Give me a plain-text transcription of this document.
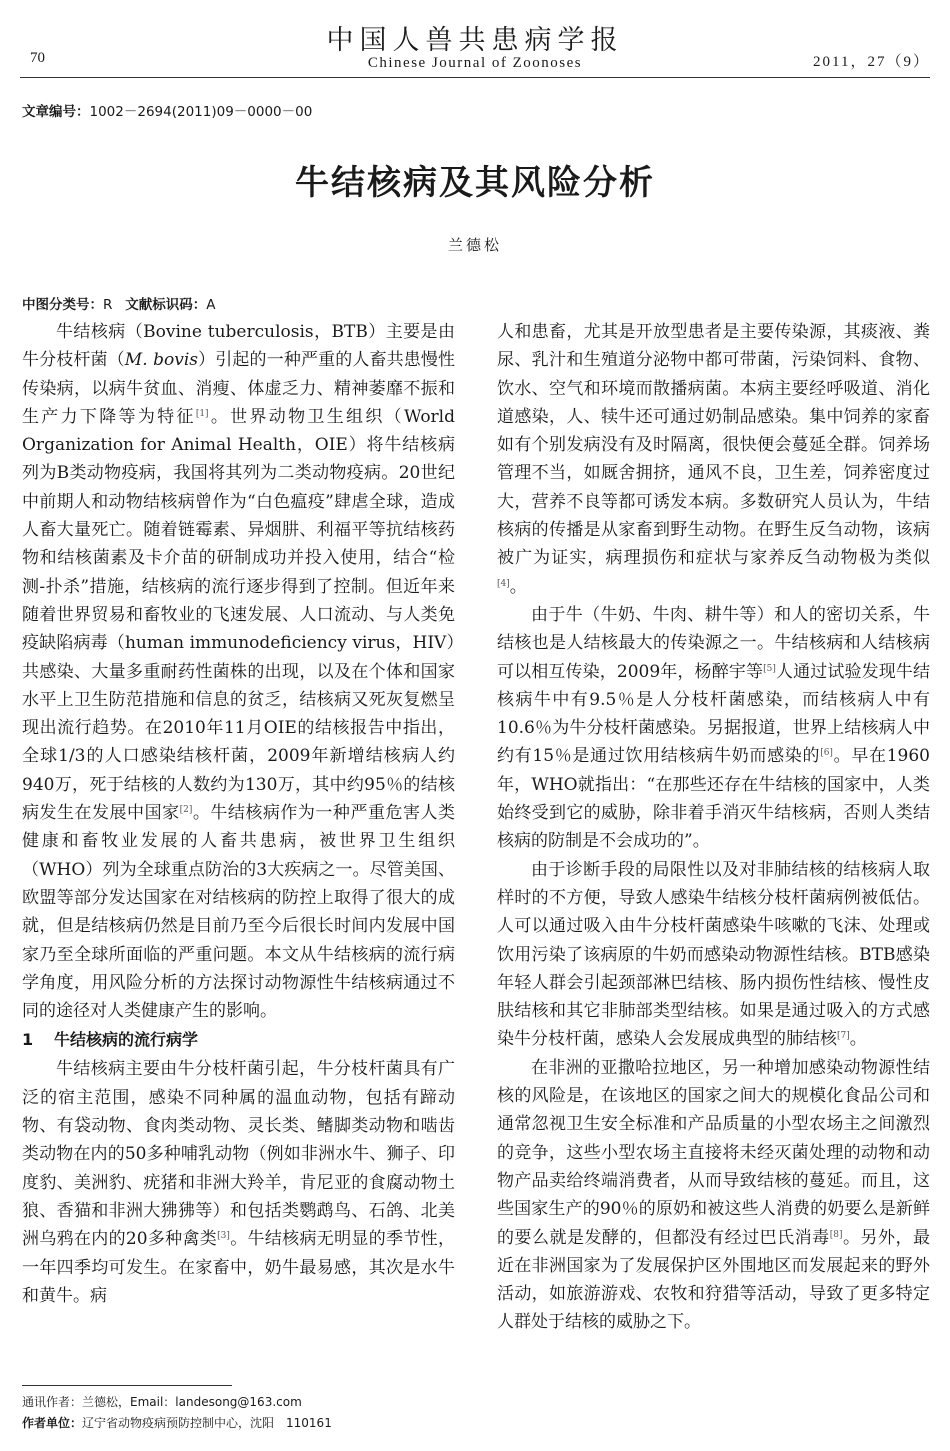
70
中国人兽共患病学报
Chinese Journal of Zoonoses	2011，27（9）
文章编号：1002－2694(2011)09－0000－00
牛结核病及其风险分析
兰德松
中图分类号：R 文献标识码：A

牛结核病（Bovine tuberculosis，BTB）主要是由牛分枝杆菌（M. bovis）引起的一种严重的人畜共患慢性传染病，以病牛贫血、消瘦、体虚乏力、精神萎靡不振和生产力下降等为特征[1]。世界动物卫生组织（World Organization for Animal Health，OIE）将牛结核病列为B类动物疫病，我国将其列为二类动物疫病。20世纪中前期人和动物结核病曾作为“白色瘟疫”肆虐全球，造成人畜大量死亡。随着链霉素、异烟肼、利福平等抗结核药物和结核菌素及卡介苗的研制成功并投入使用，结合“检测-扑杀”措施，结核病的流行逐步得到了控制。但近年来随着世界贸易和畜牧业的飞速发展、人口流动、与人类免疫缺陷病毒（human immunodeficiency virus，HIV）共感染、大量多重耐药性菌株的出现，以及在个体和国家水平上卫生防范措施和信息的贫乏，结核病又死灰复燃呈现出流行趋势。在2010年11月OIE的结核报告中指出，全球1/3的人口感染结核杆菌，2009年新增结核病人约940万，死于结核的人数约为130万，其中约95％的结核病发生在发展中国家[2]。牛结核病作为一种严重危害人类健康和畜牧业发展的人畜共患病，被世界卫生组织（WHO）列为全球重点防治的3大疾病之一。尽管美国、欧盟等部分发达国家在对结核病的防控上取得了很大的成就，但是结核病仍然是目前乃至今后很长时间内发展中国家乃至全球所面临的严重问题。本文从牛结核病的流行病学角度，用风险分析的方法探讨动物源性牛结核病通过不同的途径对人类健康产生的影响。

1 牛结核病的流行病学

牛结核病主要由牛分枝杆菌引起，牛分枝杆菌具有广泛的宿主范围，感染不同种属的温血动物，包括有蹄动物、有袋动物、食肉类动物、灵长类、鳍脚类动物和啮齿类动物在内的50多种哺乳动物（例如非洲水牛、狮子、印度豹、美洲豹、疣猪和非洲大羚羊，肯尼亚的食腐动物土狼、香猫和非洲大狒狒等）和包括类鹦鹉鸟、石鸽、北美洲乌鸦在内的20多种禽类[3]。牛结核病无明显的季节性，一年四季均可发生。在家畜中，奶牛最易感，其次是水牛和黄牛。病

人和患畜，尤其是开放型患者是主要传染源，其痰液、粪尿、乳汁和生殖道分泌物中都可带菌，污染饲料、食物、饮水、空气和环境而散播病菌。本病主要经呼吸道、消化道感染，人、犊牛还可通过奶制品感染。集中饲养的家畜如有个别发病没有及时隔离，很快便会蔓延全群。饲养场管理不当，如厩舍拥挤，通风不良，卫生差，饲养密度过大，营养不良等都可诱发本病。多数研究人员认为，牛结核病的传播是从家畜到野生动物。在野生反刍动物，该病被广为证实，病理损伤和症状与家养反刍动物极为类似[4]。

由于牛（牛奶、牛肉、耕牛等）和人的密切关系，牛结核也是人结核最大的传染源之一。牛结核病和人结核病可以相互传染，2009年，杨醉宇等[5]人通过试验发现牛结核病牛中有9.5％是人分枝杆菌感染，而结核病人中有10.6％为牛分枝杆菌感染。另据报道，世界上结核病人中约有15％是通过饮用结核病牛奶而感染的[6]。早在1960年，WHO就指出：“在那些还存在牛结核的国家中，人类始终受到它的威胁，除非着手消灭牛结核病，否则人类结核病的防制是不会成功的”。

由于诊断手段的局限性以及对非肺结核的结核病人取样时的不方便，导致人感染牛结核分枝杆菌病例被低估。人可以通过吸入由牛分枝杆菌感染牛咳嗽的飞沫、处理或饮用污染了该病原的牛奶而感染动物源性结核。BTB感染年轻人群会引起颈部淋巴结核、肠内损伤性结核、慢性皮肤结核和其它非肺部类型结核。如果是通过吸入的方式感染牛分枝杆菌，感染人会发展成典型的肺结核[7]。

在非洲的亚撒哈拉地区，另一种增加感染动物源性结核的风险是，在该地区的国家之间大的规模化食品公司和通常忽视卫生安全标准和产品质量的小型农场主之间激烈的竞争，这些小型农场主直接将未经灭菌处理的动物和动物产品卖给终端消费者，从而导致结核的蔓延。而且，这些国家生产的90％的原奶和被这些人消费的奶要么是新鲜的要么就是发酵的，但都没有经过巴氏消毒[8]。另外，最近在非洲国家为了发展保护区外围地区而发展起来的野外活动，如旅游游戏、农牧和狩猎等活动，导致了更多特定人群处于结核的威胁之下。

通讯作者：兰德松，Email：landesong@163.com
作者单位：辽宁省动物疫病预防控制中心，沈阳　110161
